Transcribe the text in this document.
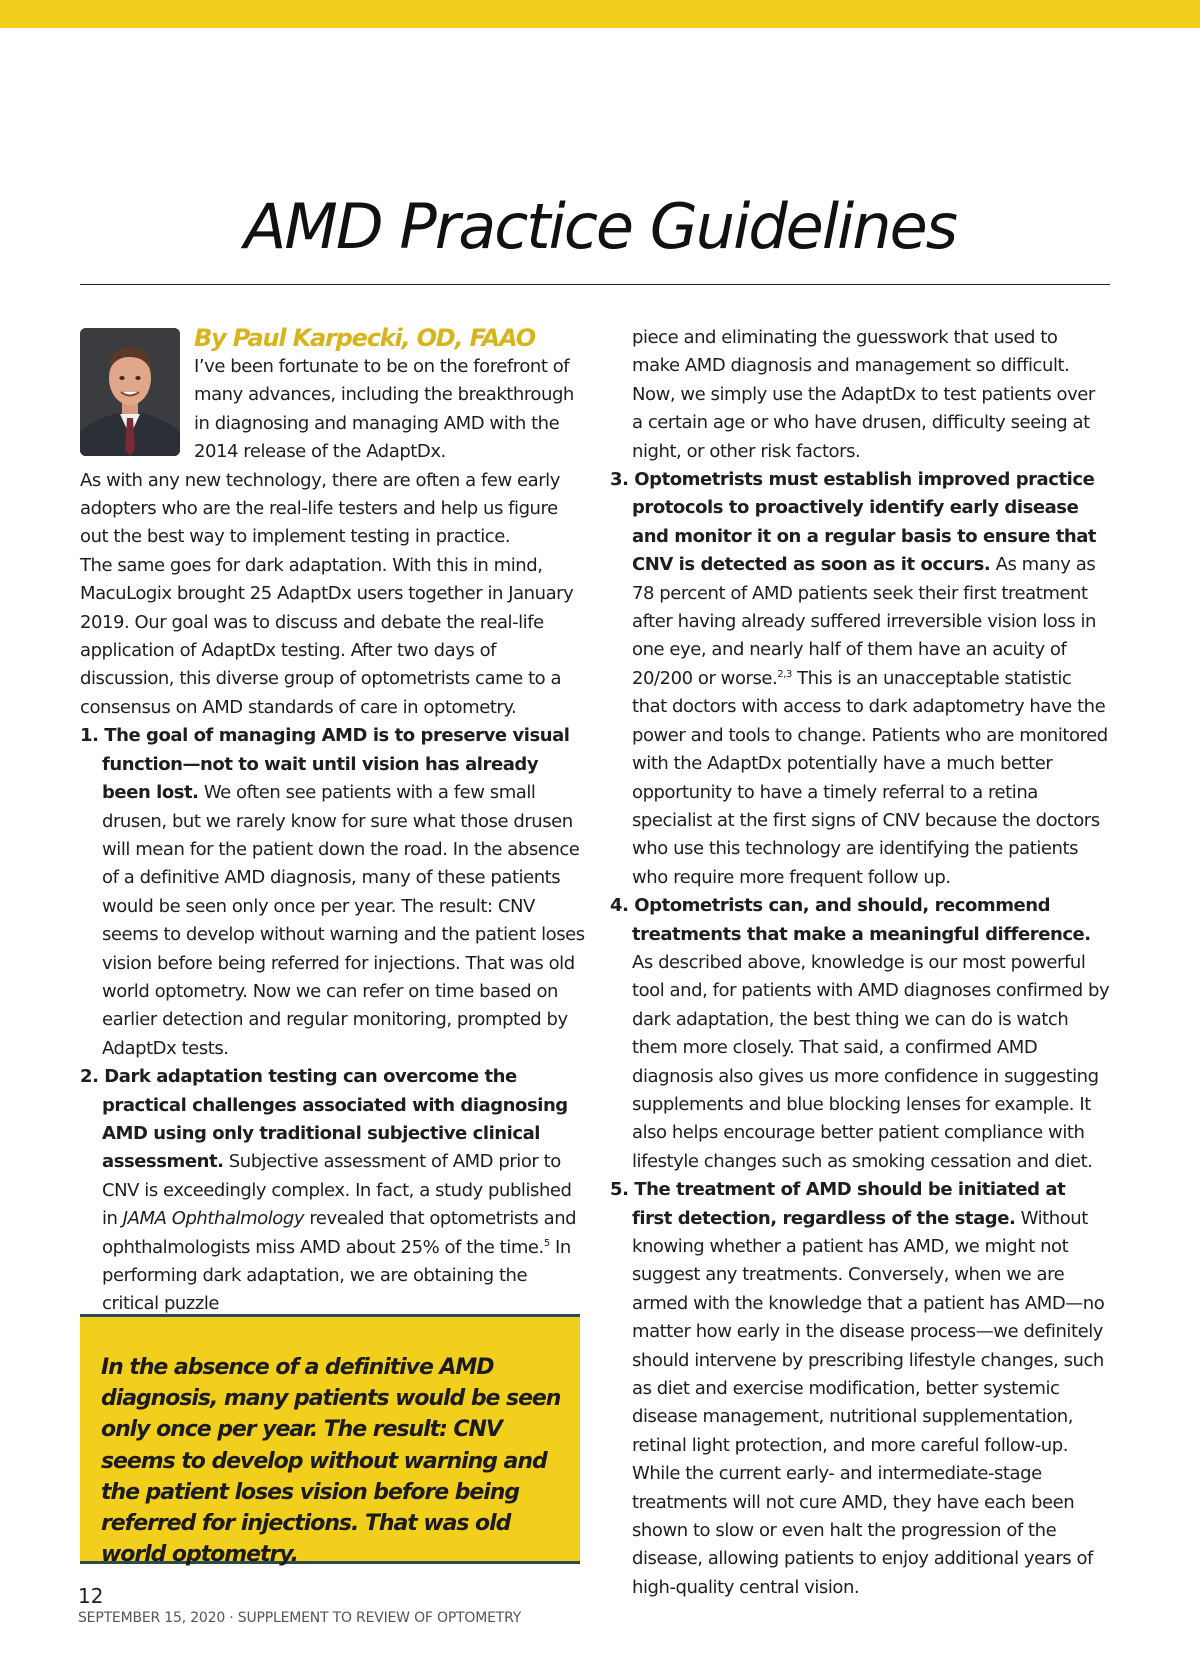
AMD Practice Guidelines
By Paul Karpecki, OD, FAAO

I’ve been fortunate to be on the forefront of many advances, including the breakthrough in diagnosing and managing AMD with the 2014 release of the AdaptDx.

As with any new technology, there are often a few early adopters who are the real-life testers and help us figure out the best way to implement testing in practice.

The same goes for dark adaptation. With this in mind, MacuLogix brought 25 AdaptDx users together in January 2019. Our goal was to discuss and debate the real-life application of AdaptDx testing. After two days of discussion, this diverse group of optometrists came to a consensus on AMD standards of care in optometry.

1. The goal of managing AMD is to preserve visual function—not to wait until vision has already been lost. We often see patients with a few small drusen, but we rarely know for sure what those drusen will mean for the patient down the road. In the absence of a definitive AMD diagnosis, many of these patients would be seen only once per year. The result: CNV seems to develop without warning and the patient loses vision before being referred for injections. That was old world optometry. Now we can refer on time based on earlier detection and regular monitoring, prompted by AdaptDx tests.

2. Dark adaptation testing can overcome the practical challenges associated with diagnosing AMD using only traditional subjective clinical assessment. Subjective assessment of AMD prior to CNV is exceedingly complex. In fact, a study published in JAMA Ophthalmology revealed that optometrists and ophthalmologists miss AMD about 25% of the time.$^5$ In performing dark adaptation, we are obtaining the critical puzzle

piece and eliminating the guesswork that used to make AMD diagnosis and management so difficult. Now, we simply use the AdaptDx to test patients over a certain age or who have drusen, difficulty seeing at night, or other risk factors.

3. Optometrists must establish improved practice protocols to proactively identify early disease and monitor it on a regular basis to ensure that CNV is detected as soon as it occurs. As many as 78 percent of AMD patients seek their first treatment after having already suffered irreversible vision loss in one eye, and nearly half of them have an acuity of 20/200 or worse.$^{2,3}$ This is an unacceptable statistic that doctors with access to dark adaptometry have the power and tools to change. Patients who are monitored with the AdaptDx potentially have a much better opportunity to have a timely referral to a retina specialist at the first signs of CNV because the doctors who use this technology are identifying the patients who require more frequent follow up.

4. Optometrists can, and should, recommend treatments that make a meaningful difference.

As described above, knowledge is our most powerful tool and, for patients with AMD diagnoses confirmed by dark adaptation, the best thing we can do is watch them more closely. That said, a confirmed AMD diagnosis also gives us more confidence in suggesting supplements and blue blocking lenses for example. It also helps encourage better patient compliance with lifestyle changes such as smoking cessation and diet.

5. The treatment of AMD should be initiated at first detection, regardless of the stage. Without knowing whether a patient has AMD, we might not suggest any treatments. Conversely, when we are armed with the knowledge that a patient has AMD—no matter how early in the disease process—we definitely should intervene by prescribing lifestyle changes, such as diet and exercise modification, better systemic disease management, nutritional supplementation, retinal light protection, and more careful follow-up. While the current early- and intermediate-stage treatments will not cure AMD, they have each been shown to slow or even halt the progression of the disease, allowing patients to enjoy additional years of high-quality central vision.

In the absence of a definitive AMD diagnosis, many patients would be seen only once per year. The result: CNV seems to develop without warning and the patient loses vision before being referred for injections. That was old world optometry.
12
SEPTEMBER 15, 2020 · SUPPLEMENT TO REVIEW OF OPTOMETRY
